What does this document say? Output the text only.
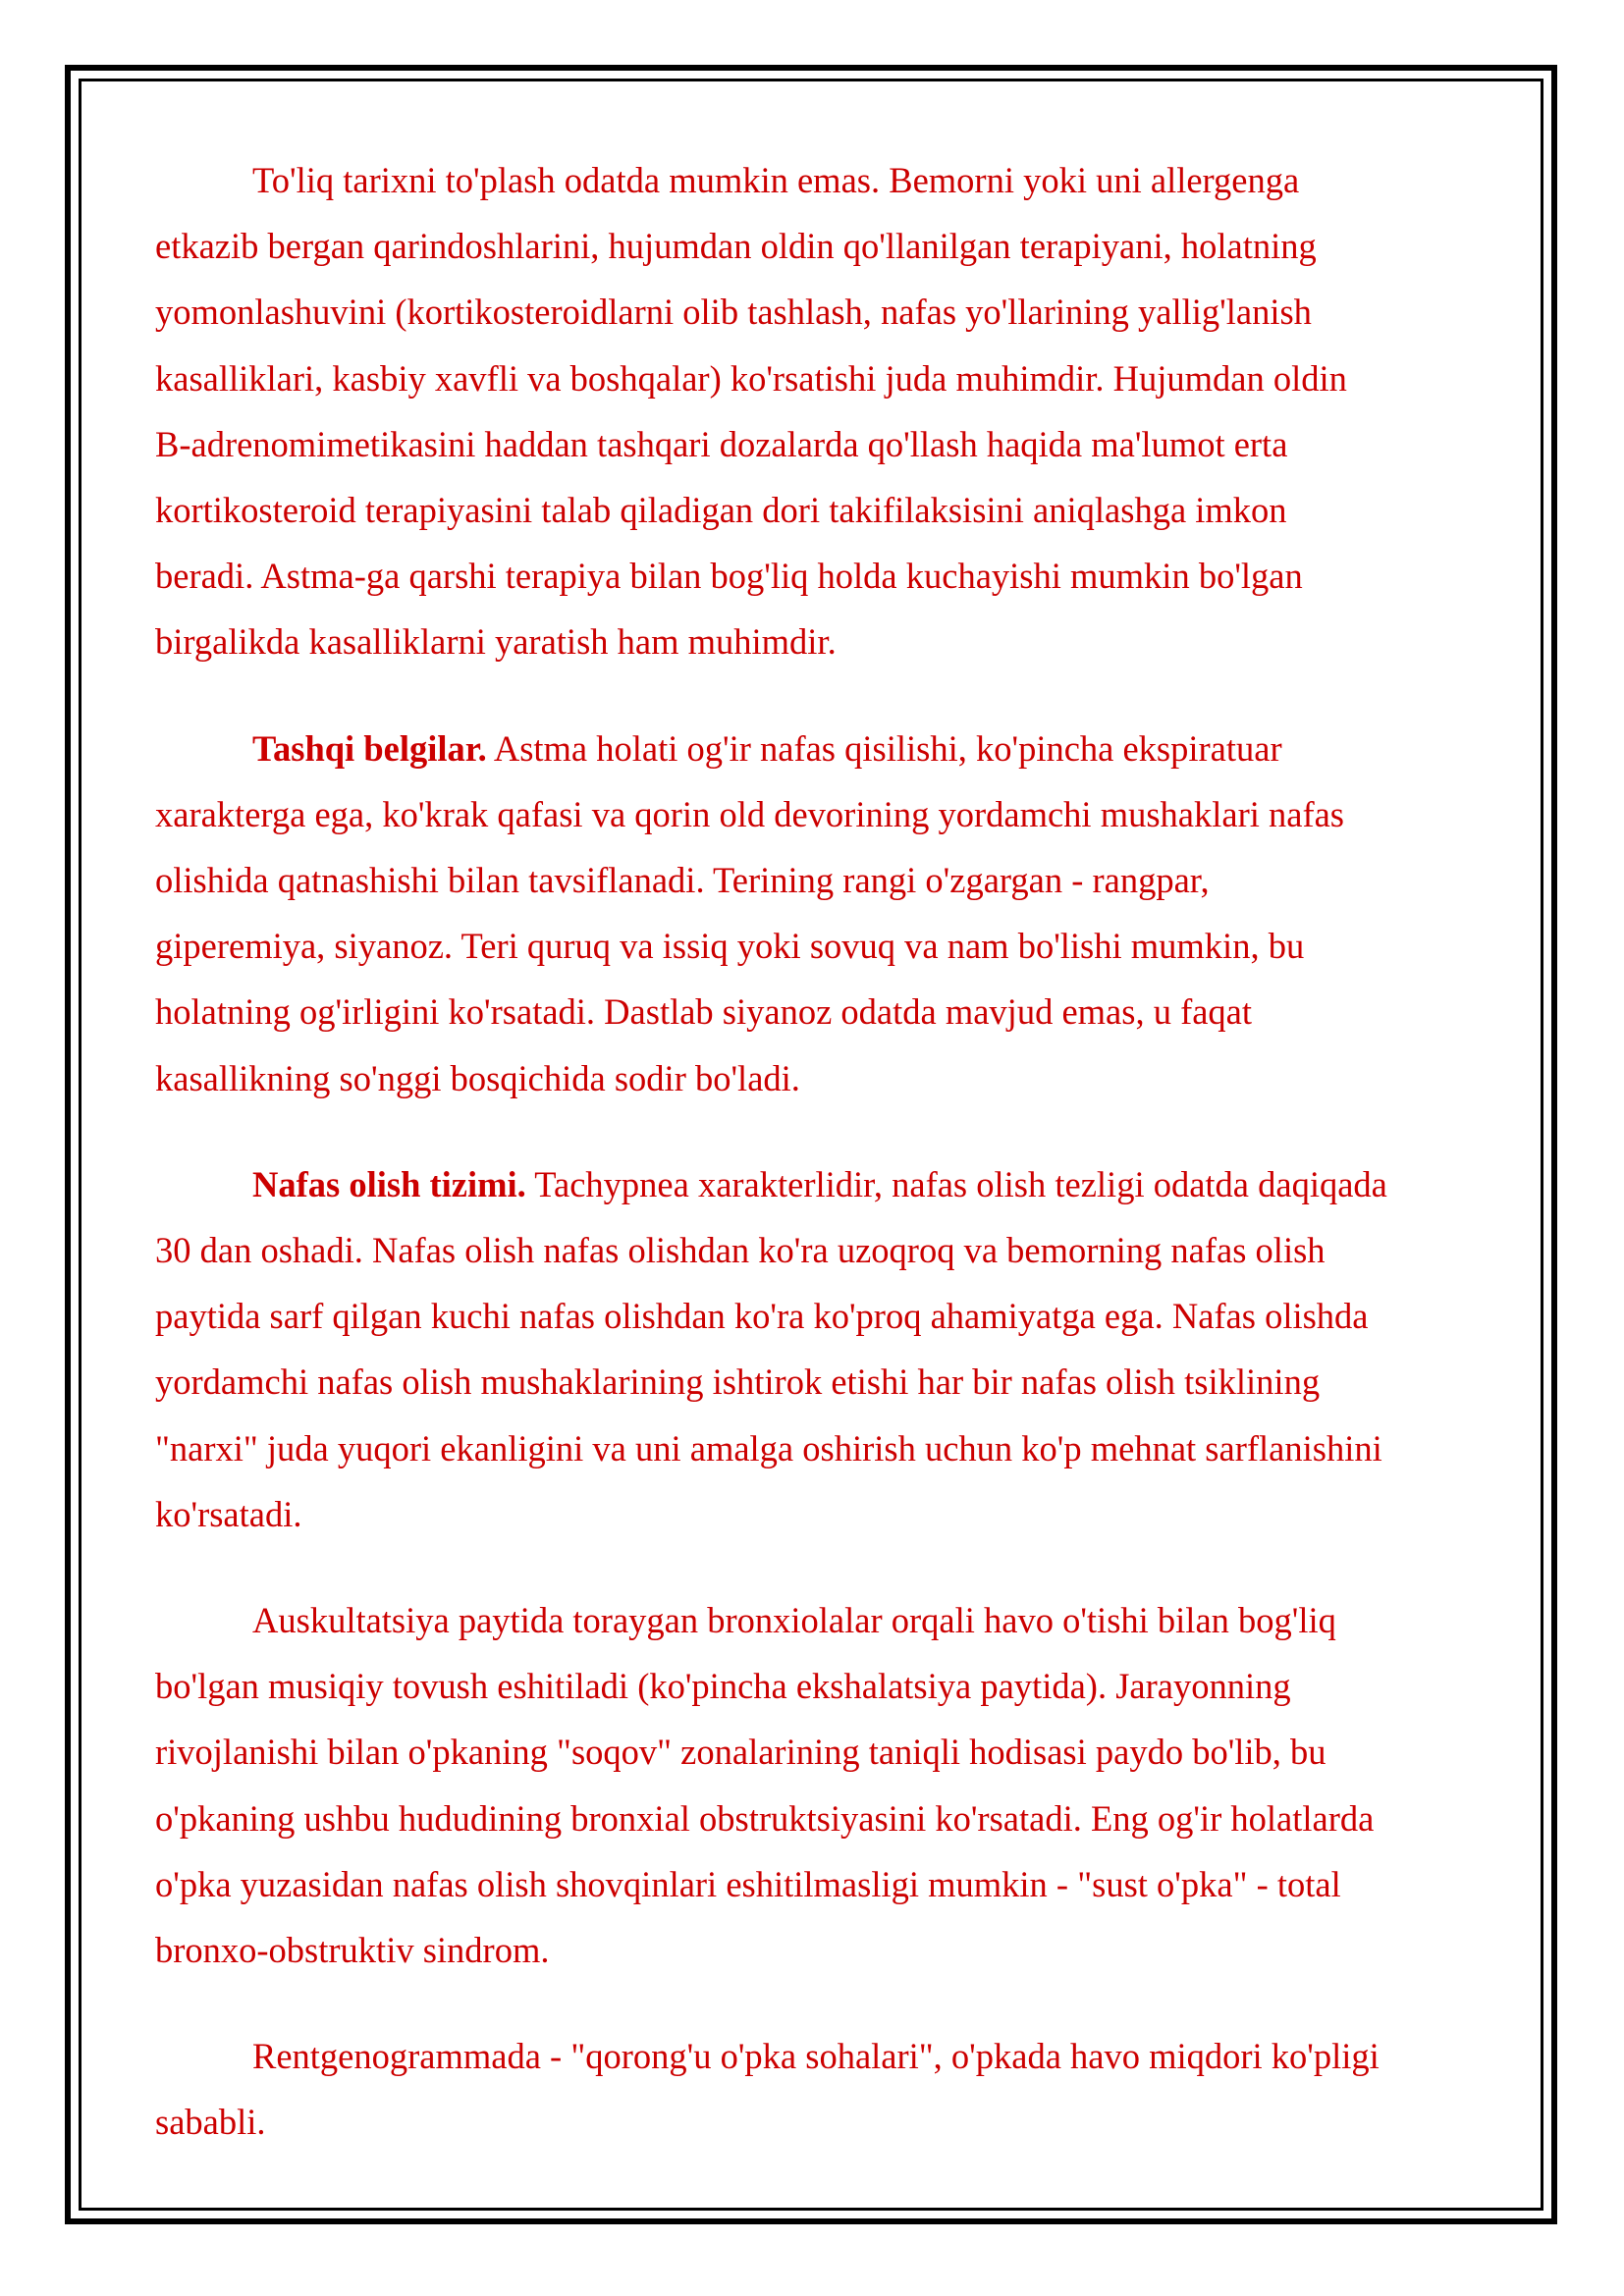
To'liq tarixni to'plash odatda mumkin emas. Bemorni yoki uni allergenga
etkazib bergan qarindoshlarini, hujumdan oldin qo'llanilgan terapiyani, holatning
yomonlashuvini (kortikosteroidlarni olib tashlash, nafas yo'llarining yallig'lanish
kasalliklari, kasbiy xavfli va boshqalar) ko'rsatishi juda muhimdir. Hujumdan oldin
B-adrenomimetikasini haddan tashqari dozalarda qo'llash haqida ma'lumot erta
kortikosteroid terapiyasini talab qiladigan dori takifilaksisini aniqlashga imkon
beradi. Astma-ga qarshi terapiya bilan bog'liq holda kuchayishi mumkin bo'lgan
birgalikda kasalliklarni yaratish ham muhimdir.

Tashqi belgilar. Astma holati og'ir nafas qisilishi, ko'pincha ekspiratuar
xarakterga ega, ko'krak qafasi va qorin old devorining yordamchi mushaklari nafas
olishida qatnashishi bilan tavsiflanadi. Terining rangi o'zgargan - rangpar,
giperemiya, siyanoz. Teri quruq va issiq yoki sovuq va nam bo'lishi mumkin, bu
holatning og'irligini ko'rsatadi. Dastlab siyanoz odatda mavjud emas, u faqat
kasallikning so'nggi bosqichida sodir bo'ladi.

Nafas olish tizimi. Tachypnea xarakterlidir, nafas olish tezligi odatda daqiqada
30 dan oshadi. Nafas olish nafas olishdan ko'ra uzoqroq va bemorning nafas olish
paytida sarf qilgan kuchi nafas olishdan ko'ra ko'proq ahamiyatga ega. Nafas olishda
yordamchi nafas olish mushaklarining ishtirok etishi har bir nafas olish tsiklining
"narxi" juda yuqori ekanligini va uni amalga oshirish uchun ko'p mehnat sarflanishini
ko'rsatadi.

Auskultatsiya paytida toraygan bronxiolalar orqali havo o'tishi bilan bog'liq
bo'lgan musiqiy tovush eshitiladi (ko'pincha ekshalatsiya paytida). Jarayonning
rivojlanishi bilan o'pkaning "soqov" zonalarining taniqli hodisasi paydo bo'lib, bu
o'pkaning ushbu hududining bronxial obstruktsiyasini ko'rsatadi. Eng og'ir holatlarda
o'pka yuzasidan nafas olish shovqinlari eshitilmasligi mumkin - "sust o'pka" - total
bronxo-obstruktiv sindrom.

Rentgenogrammada - "qorong'u o'pka sohalari", o'pkada havo miqdori ko'pligi
sababli.
